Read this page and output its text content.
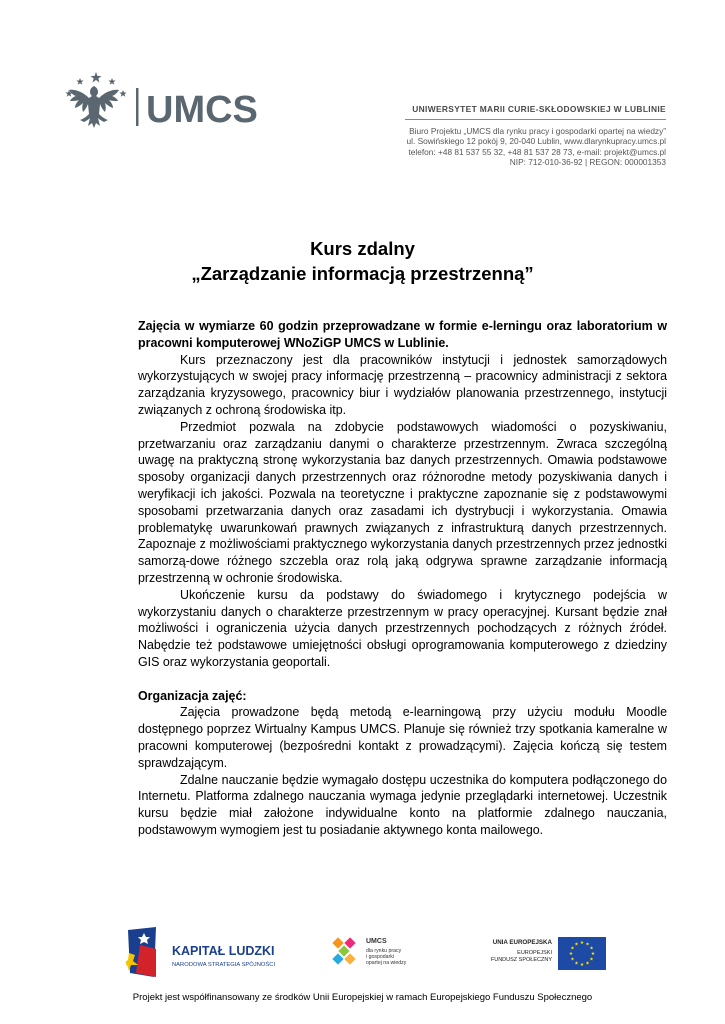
UMCS	UNIWERSYTET MARII CURIE-SKŁODOWSKIEJ W LUBLINIE
Biuro Projektu „UMCS dla rynku pracy i gospodarki opartej na wiedzy”
ul. Sowińskiego 12 pokój 9, 20-040 Lublin, www.dlarynkupracy.umcs.pl
telefon: +48 81 537 55 32, +48 81 537 28 73, e-mail: projekt@umcs.pl
NIP: 712-010-36-92 | REGON: 000001353
Kurs zdalny
„Zarządzanie informacją przestrzenną”

Zajęcia w wymiarze 60 godzin przeprowadzane w formie e-lerningu oraz laboratorium w pracowni komputerowej WNoZiGP UMCS w Lublinie.

Kurs przeznaczony jest dla pracowników instytucji i jednostek samorządowych wykorzystujących w swojej pracy informację przestrzenną – pracownicy administracji z sektora zarządzania kryzysowego, pracownicy biur i wydziałów planowania przestrzennego, instytucji związanych z ochroną środowiska itp.

Przedmiot pozwala na zdobycie podstawowych wiadomości o pozyskiwaniu, przetwarzaniu oraz zarządzaniu danymi o charakterze przestrzennym. Zwraca szczególną uwagę na praktyczną stronę wykorzystania baz danych przestrzennych. Omawia podstawowe sposoby organizacji danych przestrzennych oraz różnorodne metody pozyskiwania danych i weryfikacji ich jakości. Pozwala na teoretyczne i praktyczne zapoznanie się z podstawowymi sposobami przetwarzania danych oraz zasadami ich dystrybucji i wykorzystania. Omawia problematykę uwarunkowań prawnych związanych z infrastrukturą danych przestrzennych. Zapoznaje z możliwościami praktycznego wykorzystania danych przestrzennych przez jednostki samorzą-dowe różnego szczebla oraz rolą jaką odgrywa sprawne zarządzanie informacją przestrzenną w ochronie środowiska.

Ukończenie kursu da podstawy do świadomego i krytycznego podejścia w wykorzystaniu danych o charakterze przestrzennym w pracy operacyjnej. Kursant będzie znał możliwości i ograniczenia użycia danych przestrzennych pochodzących z różnych źródeł. Nabędzie też podstawowe umiejętności obsługi oprogramowania komputerowego z dziedziny GIS oraz wykorzystania geoportali.

Organizacja zajęć:

Zajęcia prowadzone będą metodą e-learningową przy użyciu modułu Moodle dostępnego poprzez Wirtualny Kampus UMCS. Planuje się również trzy spotkania kameralne w pracowni komputerowej (bezpośredni kontakt z prowadzącymi). Zajęcia kończą się testem sprawdzającym.

Zdalne nauczanie będzie wymagało dostępu uczestnika do komputera podłączonego do Internetu. Platforma zdalnego nauczania wymaga jedynie przeglądarki internetowej. Uczestnik kursu będzie miał założone indywidualne konto na platformie zdalnego nauczania, podstawowym wymogiem jest tu posiadanie aktywnego konta mailowego.

KAPITAŁ LUDZKI
NARODOWA STRATEGIA SPÓJNOŚCI
UMCS
dla rynku pracy
i gospodarki
opartej na wiedzy
UNIA EUROPEJSKA
EUROPEJSKI
FUNDUSZ SPOŁECZNY
Projekt jest współfinansowany ze środków Unii Europejskiej w ramach Europejskiego Funduszu Społecznego
